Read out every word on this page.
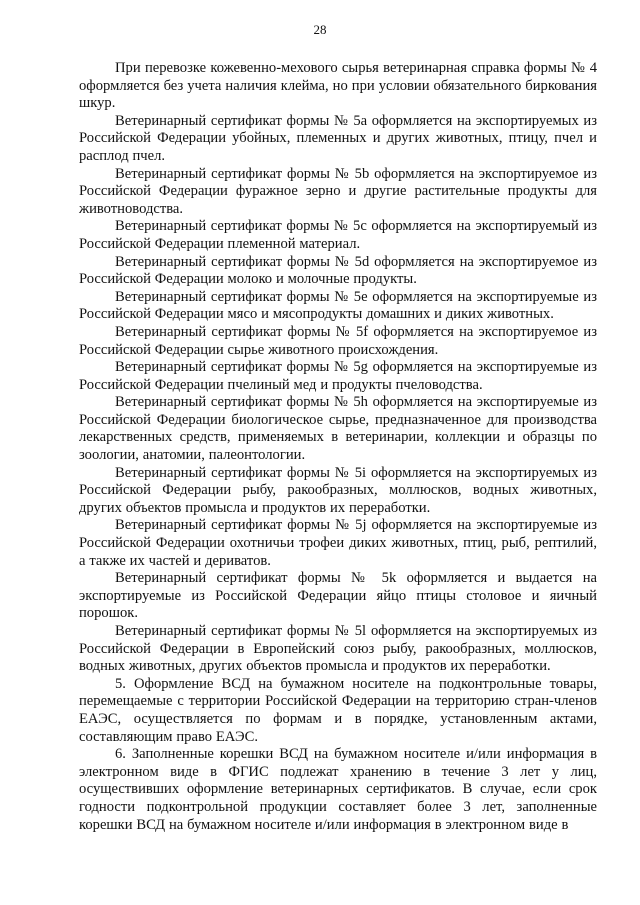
28

При перевозке кожевенно-мехового сырья ветеринарная справка формы № 4 оформляется без учета наличия клейма, но при условии обязательного биркования шкур.

Ветеринарный сертификат формы № 5а оформляется на экспортируемых из Российской Федерации убойных, племенных и других животных, птицу, пчел и расплод пчел.

Ветеринарный сертификат формы № 5b оформляется на экспортируемое из Российской Федерации фуражное зерно и другие растительные продукты для животноводства.

Ветеринарный сертификат формы № 5c оформляется на экспортируемый из Российской Федерации племенной материал.

Ветеринарный сертификат формы № 5d оформляется на экспортируемое из Российской Федерации молоко и молочные продукты.

Ветеринарный сертификат формы № 5е оформляется на экспортируемые из Российской Федерации мясо и мясопродукты домашних и диких животных.

Ветеринарный сертификат формы № 5f оформляется на экспортируемое из Российской Федерации сырье животного происхождения.

Ветеринарный сертификат формы № 5g оформляется на экспортируемые из Российской Федерации пчелиный мед и продукты пчеловодства.

Ветеринарный сертификат формы № 5h оформляется на экспортируемые из Российской Федерации биологическое сырье, предназначенное для производства лекарственных средств, применяемых в ветеринарии, коллекции и образцы по зоологии, анатомии, палеонтологии.

Ветеринарный сертификат формы № 5i оформляется на экспортируемых из Российской Федерации рыбу, ракообразных, моллюсков, водных животных, других объектов промысла и продуктов их переработки.

Ветеринарный сертификат формы № 5j оформляется на экспортируемые из Российской Федерации охотничьи трофеи диких животных, птиц, рыб, рептилий, а также их частей и дериватов.

Ветеринарный сертификат формы № 5k оформляется и выдается на экспортируемые из Российской Федерации яйцо птицы столовое и яичный порошок.

Ветеринарный сертификат формы № 5l оформляется на экспортируемых из Российской Федерации в Европейский союз рыбу, ракообразных, моллюсков, водных животных, других объектов промысла и продуктов их переработки.

5. Оформление ВСД на бумажном носителе на подконтрольные товары, перемещаемые с территории Российской Федерации на территорию стран-членов ЕАЭС, осуществляется по формам и в порядке, установленным актами, составляющим право ЕАЭС.

6. Заполненные корешки ВСД на бумажном носителе и/или информация в электронном виде в ФГИС подлежат хранению в течение 3 лет у лиц, осуществивших оформление ветеринарных сертификатов. В случае, если срок годности подконтрольной продукции составляет более 3 лет, заполненные корешки ВСД на бумажном носителе и/или информация в электронном виде в
